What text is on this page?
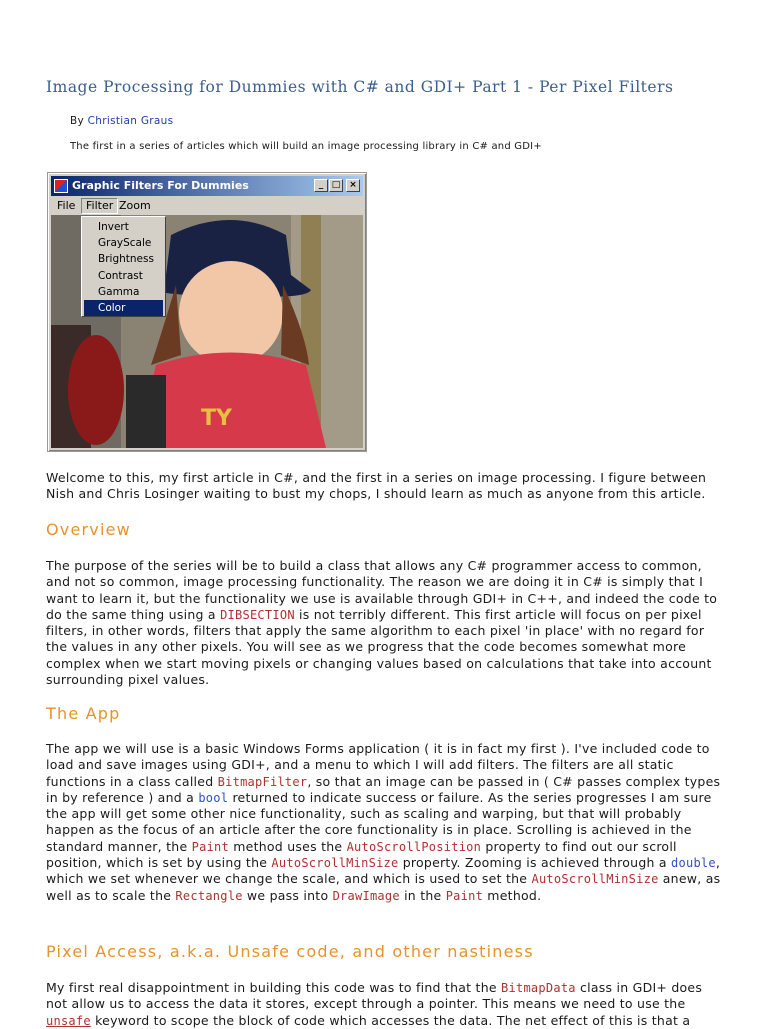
Image Processing for Dummies with C# and GDI+ Part 1 - Per Pixel Filters
By Christian Graus
The first in a series of articles which will build an image processing library in C# and GDI+
Graphic Filters For Dummies	_ □ ×
File Filter Zoom
TY
Invert
GrayScale
Brightness
Contrast
Gamma
Color
Welcome to this, my first article in C#, and the first in a series on image processing. I figure between Nish and Chris Losinger waiting to bust my chops, I should learn as much as anyone from this article.
Overview
The purpose of the series will be to build a class that allows any C# programmer access to common, and not so common, image processing functionality. The reason we are doing it in C# is simply that I want to learn it, but the functionality we use is available through GDI+ in C++, and indeed the code to do the same thing using a DIBSECTION is not terribly different. This first article will focus on per pixel filters, in other words, filters that apply the same algorithm to each pixel 'in place' with no regard for the values in any other pixels. You will see as we progress that the code becomes somewhat more complex when we start moving pixels or changing values based on calculations that take into account surrounding pixel values.
The App
The app we will use is a basic Windows Forms application ( it is in fact my first ). I've included code to load and save images using GDI+, and a menu to which I will add filters. The filters are all static functions in a class called BitmapFilter, so that an image can be passed in ( C# passes complex types in by reference ) and a bool returned to indicate success or failure. As the series progresses I am sure the app will get some other nice functionality, such as scaling and warping, but that will probably happen as the focus of an article after the core functionality is in place. Scrolling is achieved in the standard manner, the Paint method uses the AutoScrollPosition property to find out our scroll position, which is set by using the AutoScrollMinSize property. Zooming is achieved through a double, which we set whenever we change the scale, and which is used to set the AutoScrollMinSize anew, as well as to scale the Rectangle we pass into DrawImage in the Paint method.
Pixel Access, a.k.a. Unsafe code, and other nastiness
My first real disappointment in building this code was to find that the BitmapData class in GDI+ does not allow us to access the data it stores, except through a pointer. This means we need to use the unsafe keyword to scope the block of code which accesses the data. The net effect of this is that a
